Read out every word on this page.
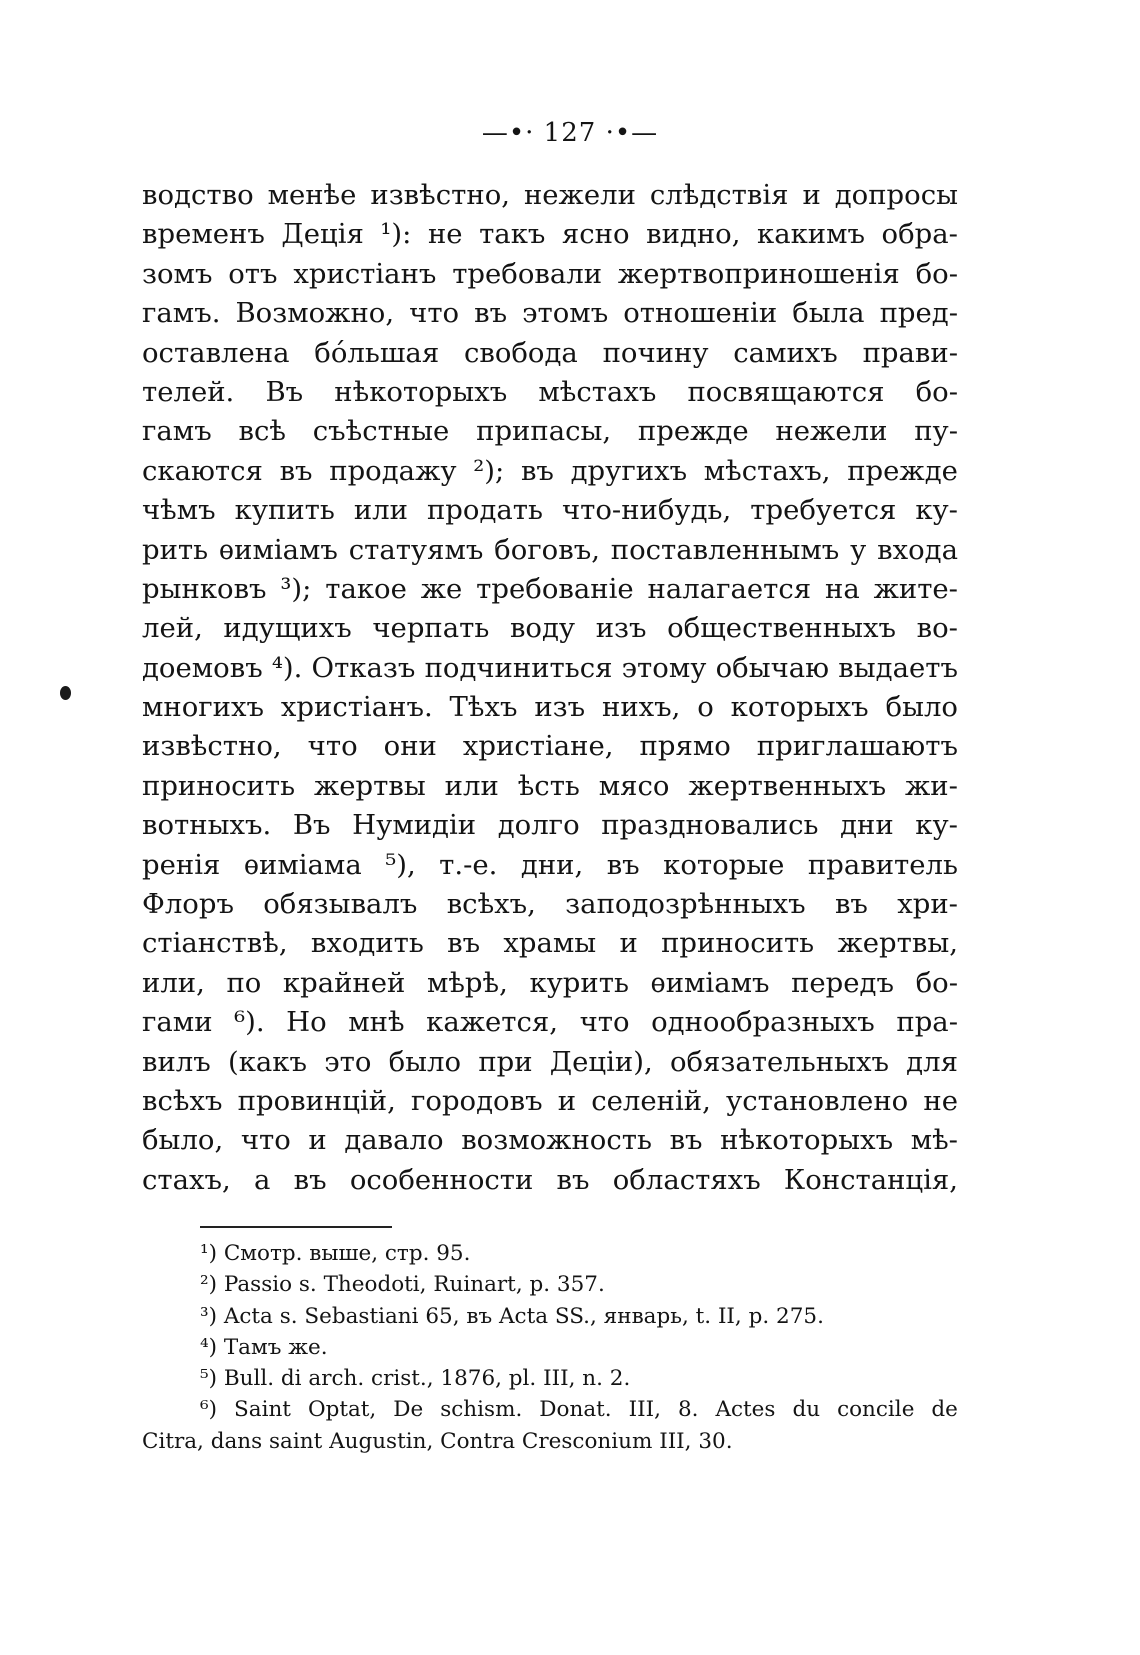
—•· 127 ·•—
водство менѣе извѣстно, нежели слѣдствія и допросы
временъ Деція ¹): не такъ ясно видно, какимъ обра-
зомъ отъ христіанъ требовали жертвоприношенія бо-
гамъ. Возможно, что въ этомъ отношеніи была пред-
оставлена бо́льшая свобода почину самихъ прави-
телей. Въ нѣкоторыхъ мѣстахъ посвящаются бо-
гамъ всѣ съѣстные припасы, прежде нежели пу-
скаются въ продажу ²); въ другихъ мѣстахъ, прежде
чѣмъ купить или продать что-нибудь, требуется ку-
рить ѳиміамъ статуямъ боговъ, поставленнымъ у входа
рынковъ ³); такое же требованіе налагается на жите-
лей, идущихъ черпать воду изъ общественныхъ во-
доемовъ ⁴). Отказъ подчиниться этому обычаю выдаетъ
многихъ христіанъ. Тѣхъ изъ нихъ, о которыхъ было
извѣстно, что они христіане, прямо приглашаютъ
приносить жертвы или ѣсть мясо жертвенныхъ жи-
вотныхъ. Въ Нумидіи долго праздновались дни ку-
ренія ѳиміама ⁵), т.-е. дни, въ которые правитель
Флоръ обязывалъ всѣхъ, заподозрѣнныхъ въ хри-
стіанствѣ, входить въ храмы и приносить жертвы,
или, по крайней мѣрѣ, курить ѳиміамъ передъ бо-
гами ⁶). Но мнѣ кажется, что однообразныхъ пра-
вилъ (какъ это было при Деціи), обязательныхъ для
всѣхъ провинцій, городовъ и селеній, установлено не
было, что и давало возможность въ нѣкоторыхъ мѣ-
стахъ, а въ особенности въ областяхъ Констанція,
¹) Смотр. выше, стр. 95.
²) Passio s. Theodoti, Ruinart, p. 357.
³) Acta s. Sebastiani 65, въ Acta SS., январь, t. II, p. 275.
⁴) Тамъ же.
⁵) Bull. di arch. crist., 1876, pl. III, n. 2.
⁶) Saint Optat, De schism. Donat. III, 8. Actes du concile de
Citra, dans saint Augustin, Contra Cresconium III, 30.
